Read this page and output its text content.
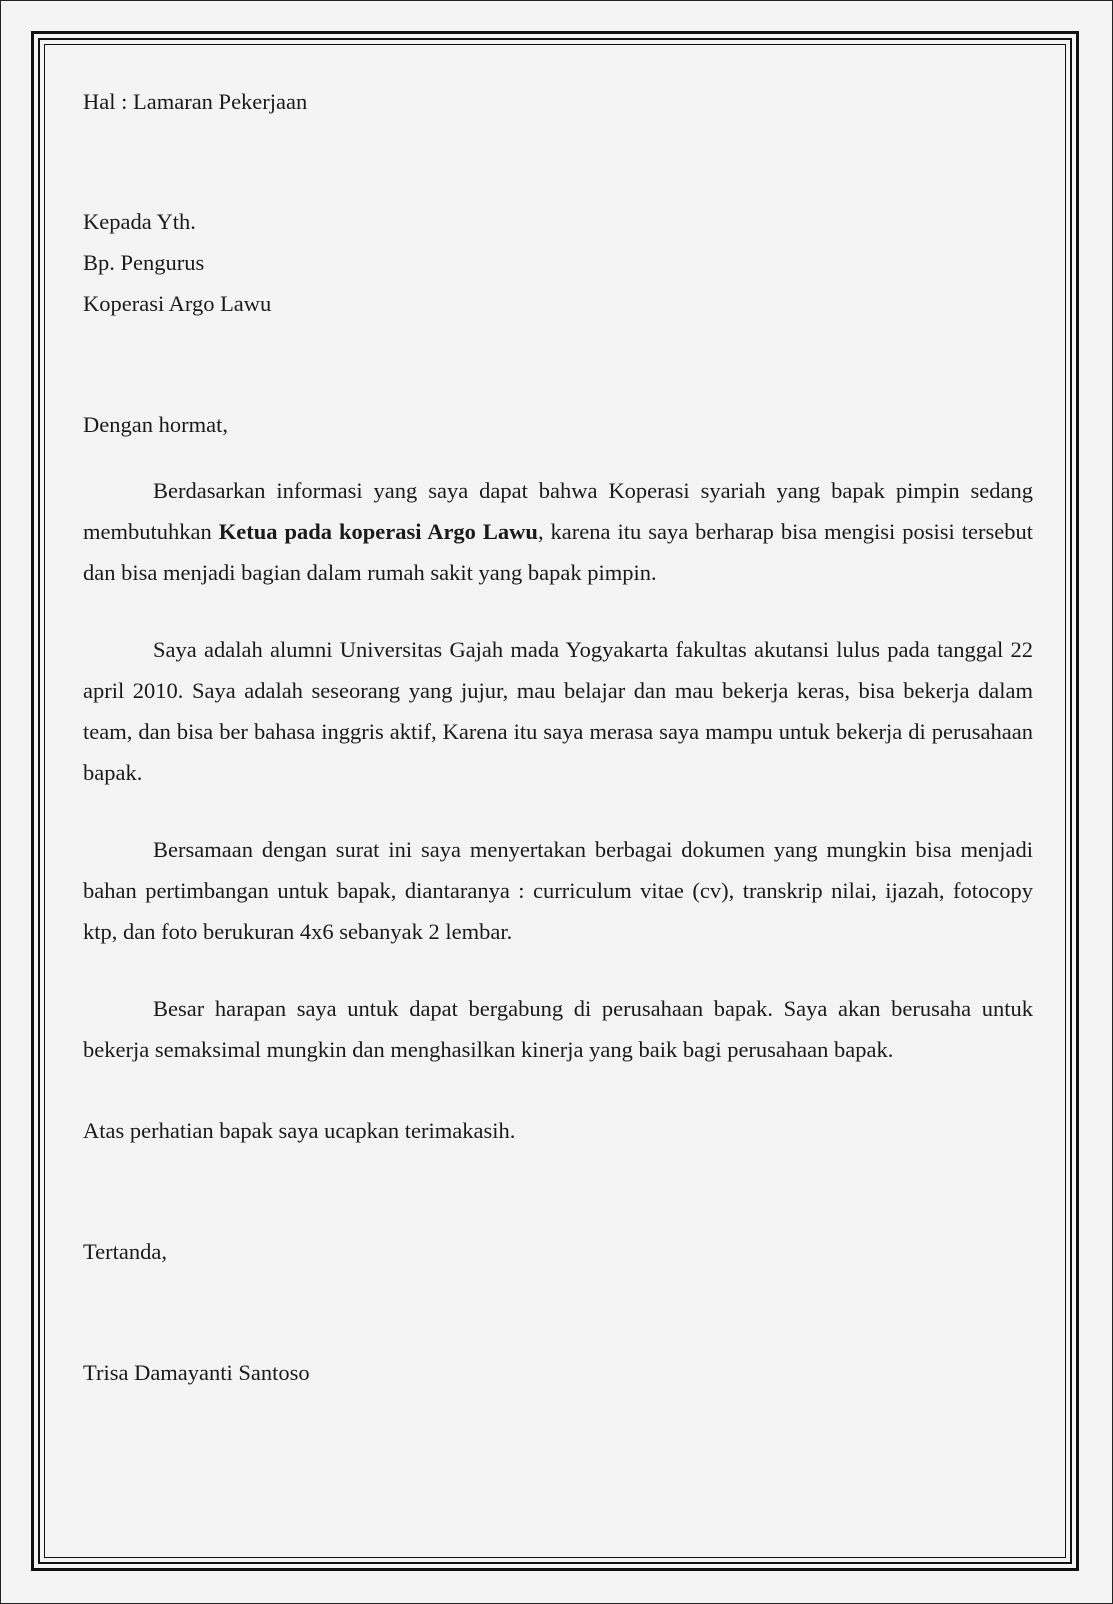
Hal : Lamaran Pekerjaan
Kepada Yth.
Bp. Pengurus
Koperasi Argo Lawu
Dengan hormat,

Berdasarkan informasi yang saya dapat bahwa Koperasi syariah yang bapak pimpin sedang membutuhkan Ketua pada koperasi Argo Lawu, karena itu saya berharap bisa mengisi posisi tersebut dan bisa menjadi bagian dalam rumah sakit yang bapak pimpin.

Saya adalah alumni Universitas Gajah mada Yogyakarta fakultas akutansi lulus pada tanggal 22 april 2010. Saya adalah seseorang yang jujur, mau belajar dan mau bekerja keras, bisa bekerja dalam team, dan bisa ber bahasa inggris aktif, Karena itu saya merasa saya mampu untuk bekerja di perusahaan bapak.

Bersamaan dengan surat ini saya menyertakan berbagai dokumen yang mungkin bisa menjadi bahan pertimbangan untuk bapak, diantaranya : curriculum vitae (cv), transkrip nilai, ijazah, fotocopy ktp, dan foto berukuran 4x6 sebanyak 2 lembar.

Besar harapan saya untuk dapat bergabung di perusahaan bapak. Saya akan berusaha untuk bekerja semaksimal mungkin dan menghasilkan kinerja yang baik bagi perusahaan bapak.

Atas perhatian bapak saya ucapkan terimakasih.
Tertanda,
Trisa Damayanti Santoso
